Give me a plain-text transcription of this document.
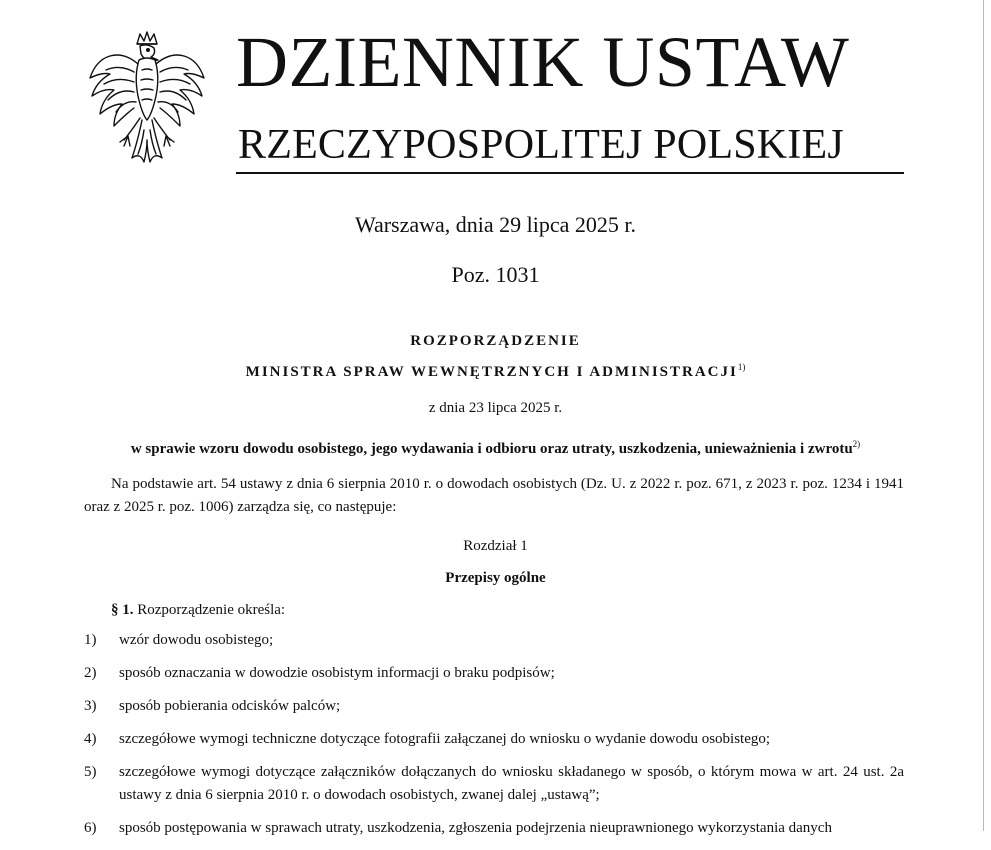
DZIENNIK USTAW
RZECZYPOSPOLITEJ POLSKIEJ
Warszawa, dnia 29 lipca 2025 r.
Poz. 1031
ROZPORZĄDZENIE
MINISTRA SPRAW WEWNĘTRZNYCH I ADMINISTRACJI$^{1)}$
z dnia 23 lipca 2025 r.
w sprawie wzoru dowodu osobistego, jego wydawania i odbioru oraz utraty, uszkodzenia, unieważnienia i zwrotu$^{2)}$

Na podstawie art. 54 ustawy z dnia 6 sierpnia 2010 r. o dowodach osobistych (Dz. U. z 2022 r. poz. 671, z 2023 r. poz. 1234 i 1941 oraz z 2025 r. poz. 1006) zarządza się, co następuje:

Rozdział 1
Przepisy ogólne
§ 1. Rozporządzenie określa:
1) wzór dowodu osobistego;
2) sposób oznaczania w dowodzie osobistym informacji o braku podpisów;
3) sposób pobierania odcisków palców;
4) szczegółowe wymogi techniczne dotyczące fotografii załączanej do wniosku o wydanie dowodu osobistego;
5) szczegółowe wymogi dotyczące załączników dołączanych do wniosku składanego w sposób, o którym mowa w art. 24 ust. 2a ustawy z dnia 6 sierpnia 2010 r. o dowodach osobistych, zwanej dalej „ustawą”;
6) sposób postępowania w sprawach utraty, uszkodzenia, zgłoszenia podejrzenia nieuprawnionego wykorzystania danych
